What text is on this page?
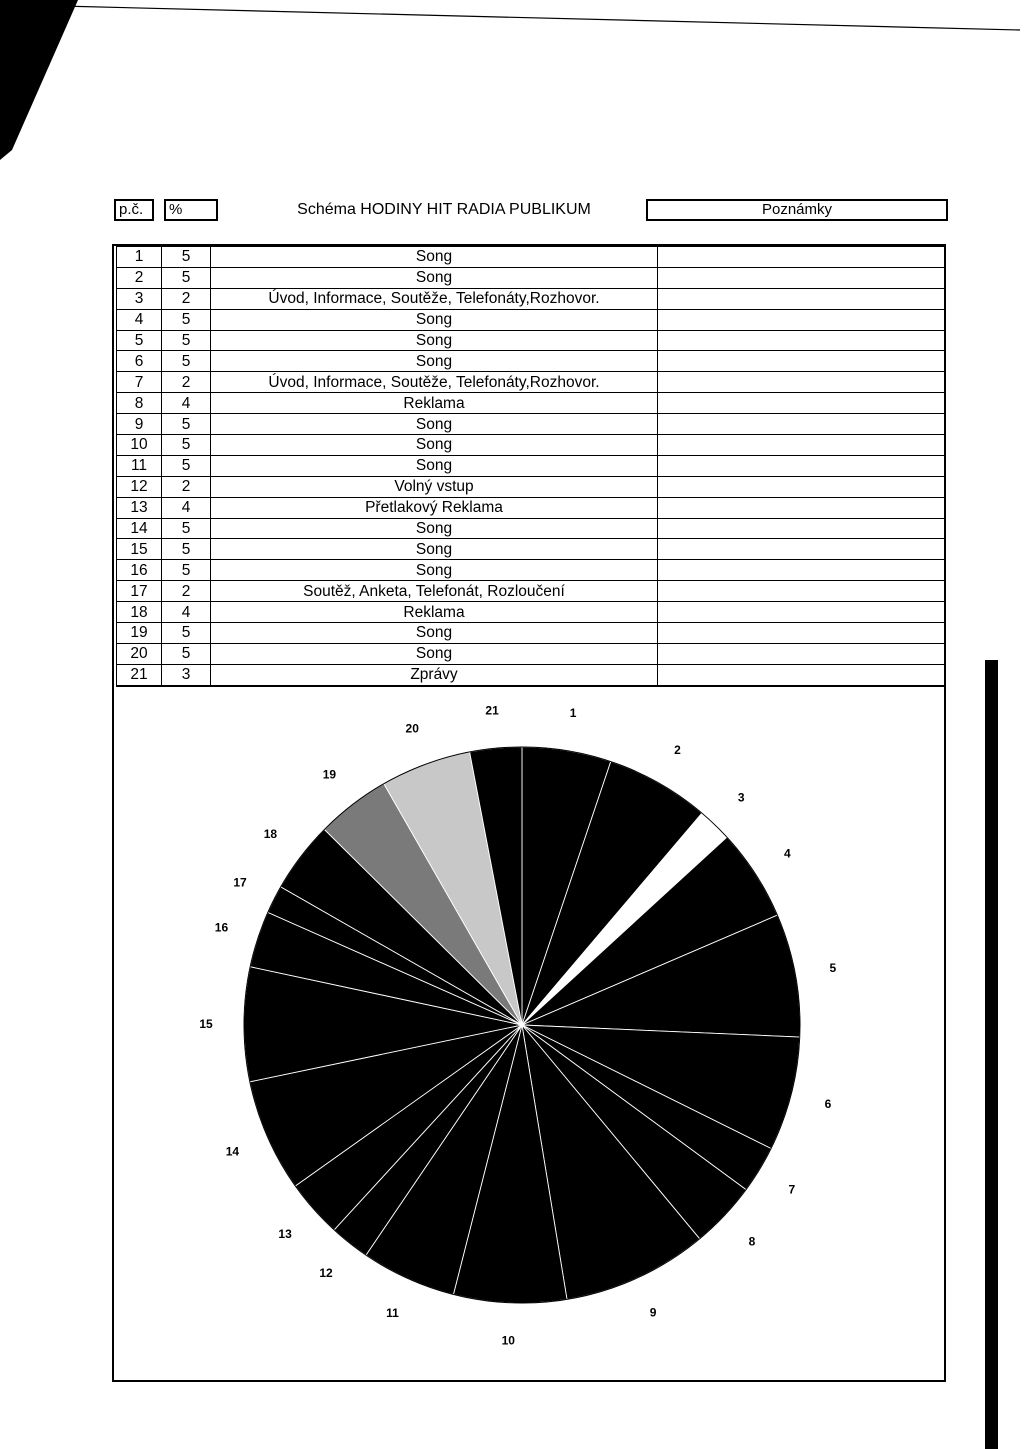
p.č.	%	Schéma HODINY HIT RADIA PUBLIKUM	Poznámky
1	5	Song	
2	5	Song	
3	2	Úvod, Informace, Soutěže, Telefonáty,Rozhovor.	
4	5	Song	
5	5	Song	
6	5	Song	
7	2	Úvod, Informace, Soutěže, Telefonáty,Rozhovor.	
8	4	Reklama	
9	5	Song	
10	5	Song	
11	5	Song	
12	2	Volný vstup	
13	4	Přetlakový Reklama	
14	5	Song	
15	5	Song	
16	5	Song	
17	2	Soutěž, Anketa, Telefonát, Rozloučení	
18	4	Reklama	
19	5	Song	
20	5	Song	
21	3	Zprávy	
1
2
3
4
5
6
7
8
9
10
11
12
13
14
15
16
17
18
19
20
21
